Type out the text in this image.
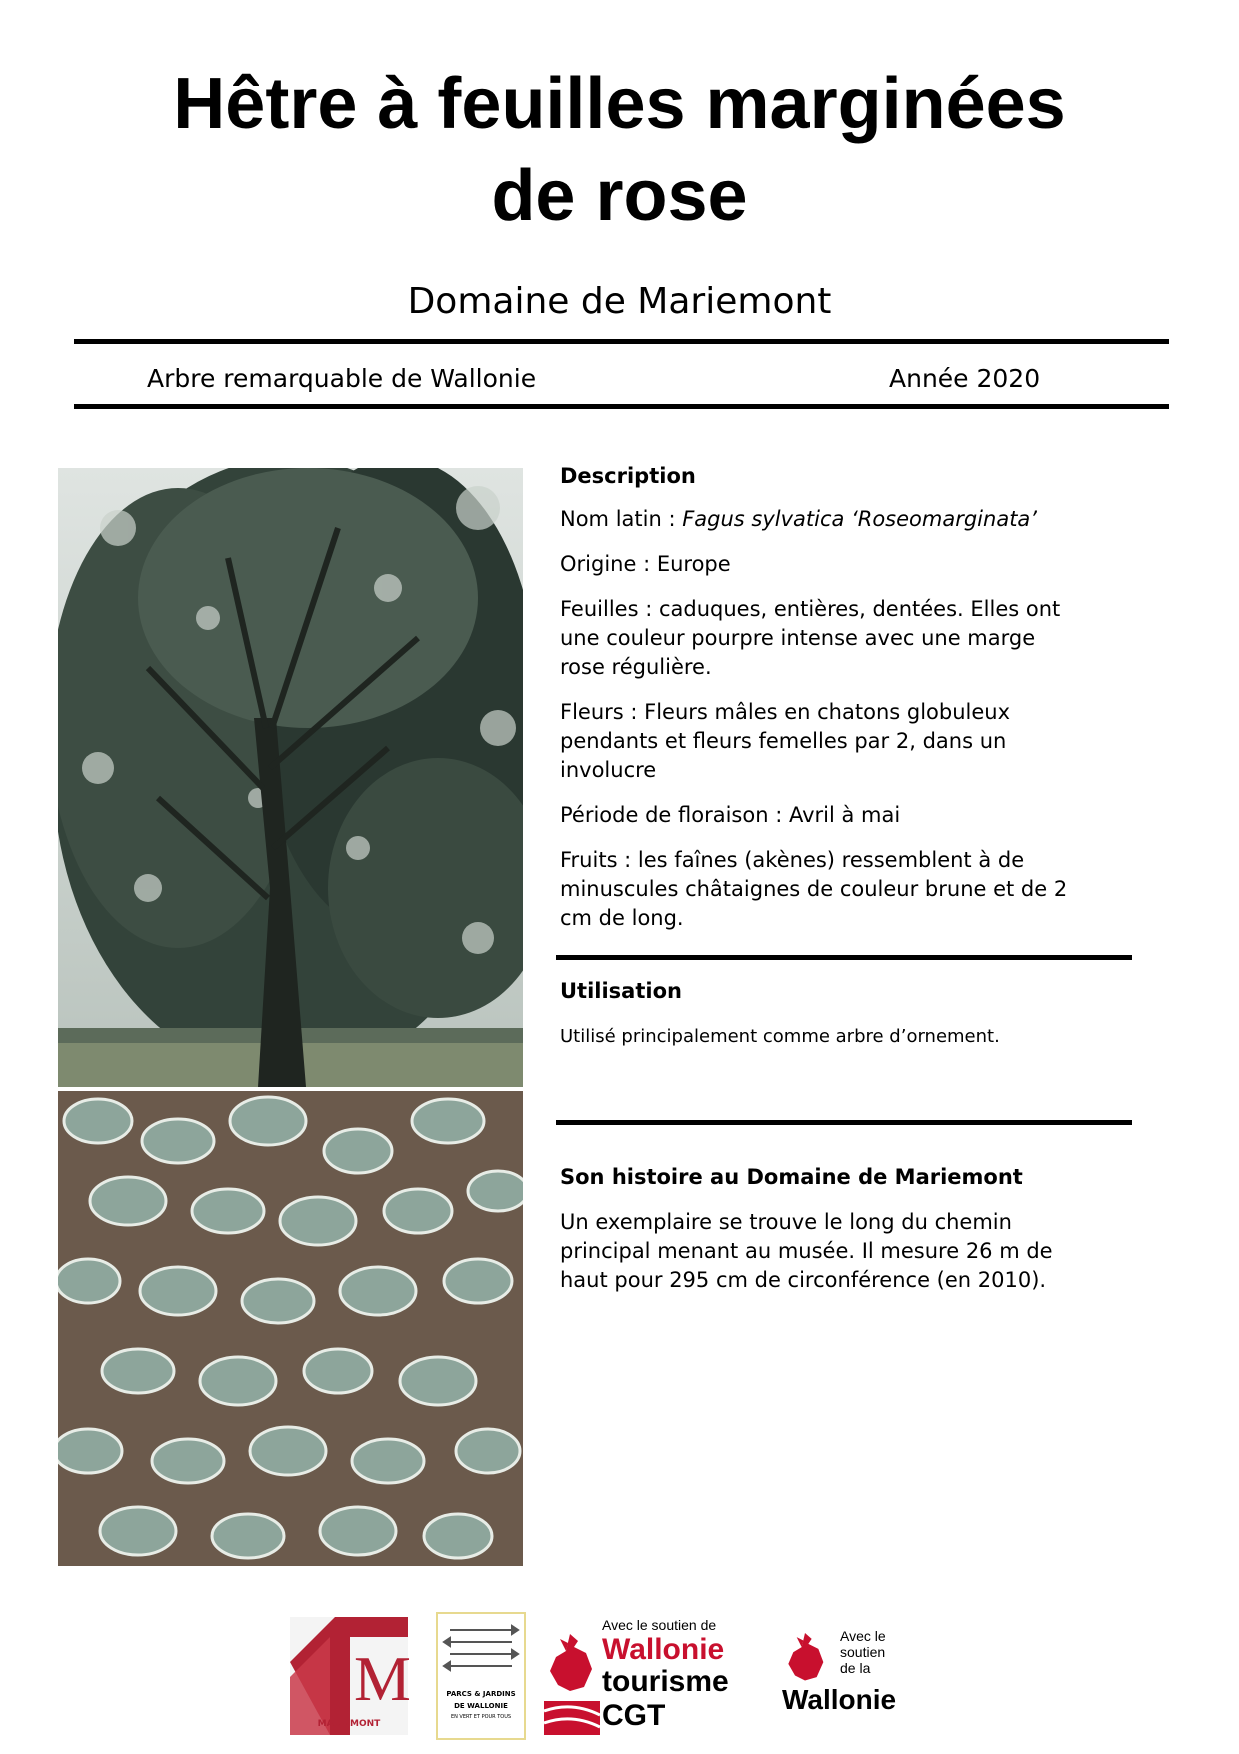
Hêtre à feuilles marginées
de rose
Domaine de Mariemont
Arbre remarquable de Wallonie	Année 2020

Description

Nom latin : Fagus sylvatica ‘Roseomarginata’

Origine : Europe

Feuilles : caduques, entières, dentées. Elles ont une couleur pourpre intense avec une marge rose régulière.

Fleurs : Fleurs mâles en chatons globuleux pendants et fleurs femelles par 2, dans un involucre

Période de floraison : Avril à mai

Fruits : les faînes (akènes) ressemblent à de minuscules châtaignes de couleur brune et de 2 cm de long.

Utilisation

Utilisé principalement comme arbre d’ornement.

Son histoire au Domaine de Mariemont

Un exemplaire se trouve le long du chemin principal menant au musée. Il mesure 26 m de haut pour 295 cm de circonférence (en 2010).

M
MARIEMONT
PARCS & JARDINS
DE WALLONIE
EN VERT ET POUR TOUS
Avec le soutien de
Wallonie
tourisme
CGT
Avec le
soutien
de la
Wallonie
